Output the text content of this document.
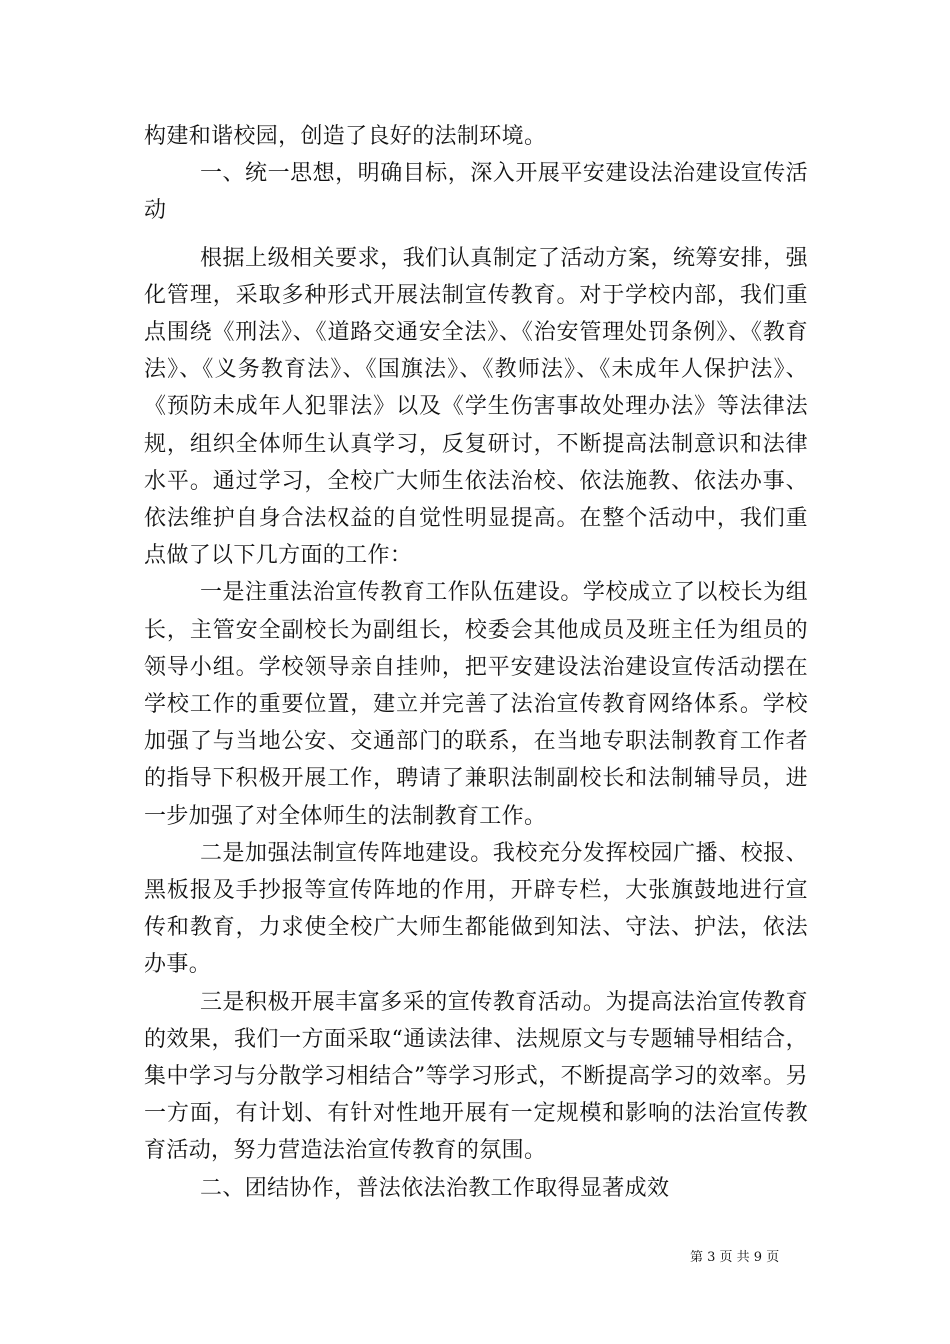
构建和谐校园，创造了良好的法制环境。

一、统一思想，明确目标，深入开展平安建设法治建设宣传活动

根据上级相关要求，我们认真制定了活动方案，统筹安排，强化管理，采取多种形式开展法制宣传教育。对于学校内部，我们重点围绕《刑法》、《道路交通安全法》、《治安管理处罚条例》、《教育法》、《义务教育法》、《国旗法》、《教师法》、《未成年人保护法》、《预防未成年人犯罪法》以及《学生伤害事故处理办法》等法律法规，组织全体师生认真学习，反复研讨，不断提高法制意识和法律水平。通过学习，全校广大师生依法治校、依法施教、依法办事、依法维护自身合法权益的自觉性明显提高。在整个活动中，我们重点做了以下几方面的工作：

一是注重法治宣传教育工作队伍建设。学校成立了以校长为组长，主管安全副校长为副组长，校委会其他成员及班主任为组员的领导小组。学校领导亲自挂帅，把平安建设法治建设宣传活动摆在学校工作的重要位置，建立并完善了法治宣传教育网络体系。学校加强了与当地公安、交通部门的联系，在当地专职法制教育工作者的指导下积极开展工作，聘请了兼职法制副校长和法制辅导员，进一步加强了对全体师生的法制教育工作。

二是加强法制宣传阵地建设。我校充分发挥校园广播、校报、黑板报及手抄报等宣传阵地的作用，开辟专栏，大张旗鼓地进行宣传和教育，力求使全校广大师生都能做到知法、守法、护法，依法办事。

三是积极开展丰富多采的宣传教育活动。为提高法治宣传教育的效果，我们一方面采取“通读法律、法规原文与专题辅导相结合，集中学习与分散学习相结合”等学习形式，不断提高学习的效率。另一方面，有计划、有针对性地开展有一定规模和影响的法治宣传教育活动，努力营造法治宣传教育的氛围。

二、团结协作，普法依法治教工作取得显著成效

第 3 页 共 9 页
